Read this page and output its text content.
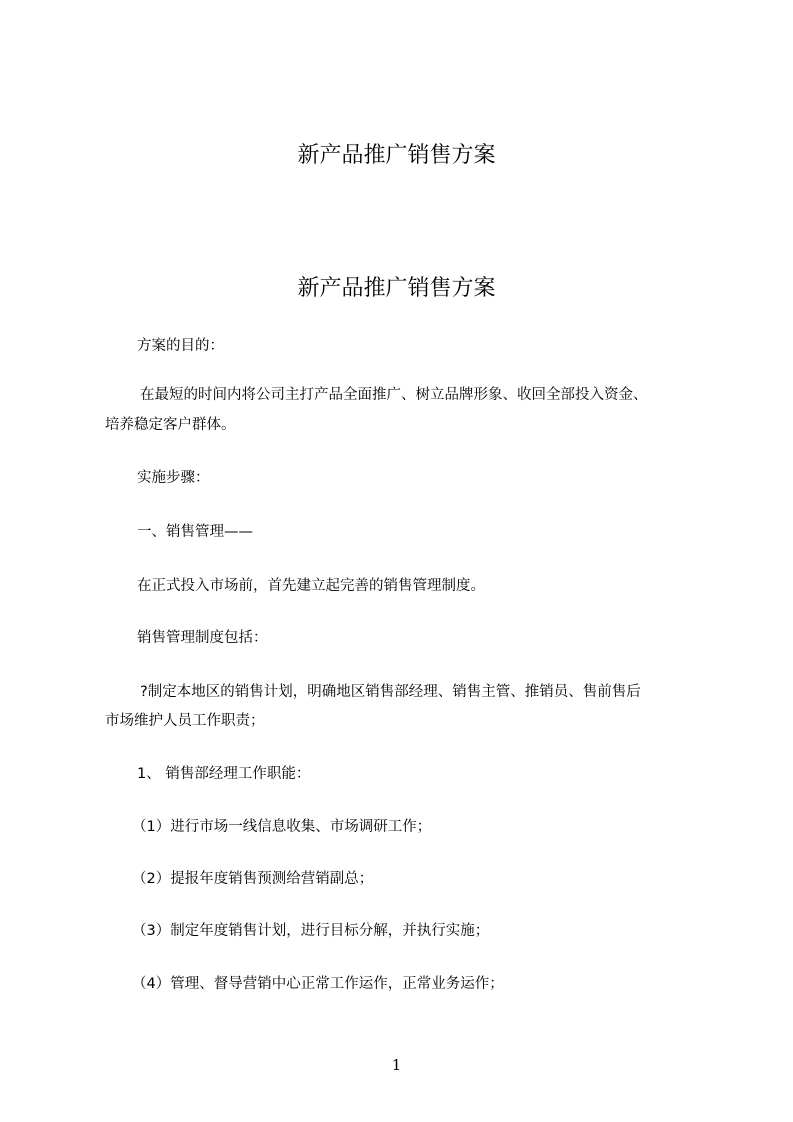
新产品推广销售方案
新产品推广销售方案
方案的目的：
在最短的时间内将公司主打产品全面推广、树立品牌形象、收回全部投入资金、
培养稳定客户群体。
实施步骤：
一、销售管理——
在正式投入市场前，首先建立起完善的销售管理制度。
销售管理制度包括：
?制定本地区的销售计划，明确地区销售部经理、销售主管、推销员、售前售后
市场维护人员工作职责；
1、 销售部经理工作职能：
（1）进行市场一线信息收集、市场调研工作；
（2）提报年度销售预测给营销副总；
（3）制定年度销售计划，进行目标分解，并执行实施；
（4）管理、督导营销中心正常工作运作，正常业务运作；
1
